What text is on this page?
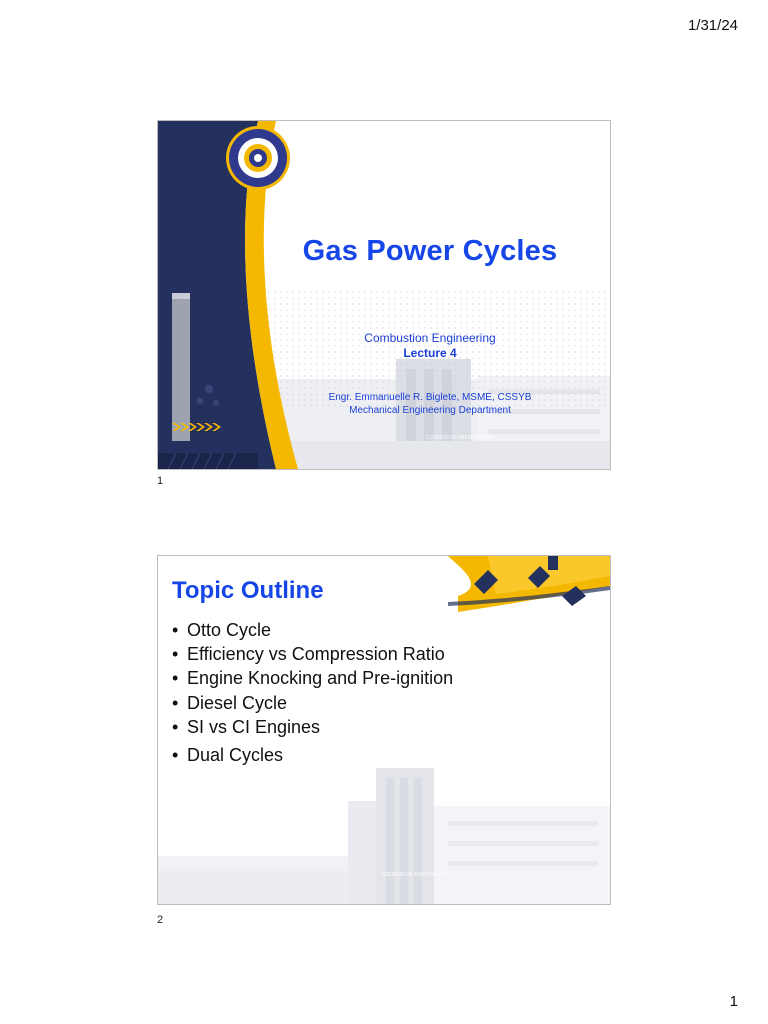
1/31/24
COLEGIO DE MUNTINLUPA
Gas Power Cycles
Combustion Engineering
Lecture 4
Engr. Emmanuelle R. Biglete, MSME, CSSYB
Mechanical Engineering Department
1
COLEGIO DE MUNTINLUPA
Topic Outline
• Otto Cycle
• Efficiency vs Compression Ratio
• Engine Knocking and Pre-ignition
• Diesel Cycle
• SI vs CI Engines
• Dual Cycles
2
1
